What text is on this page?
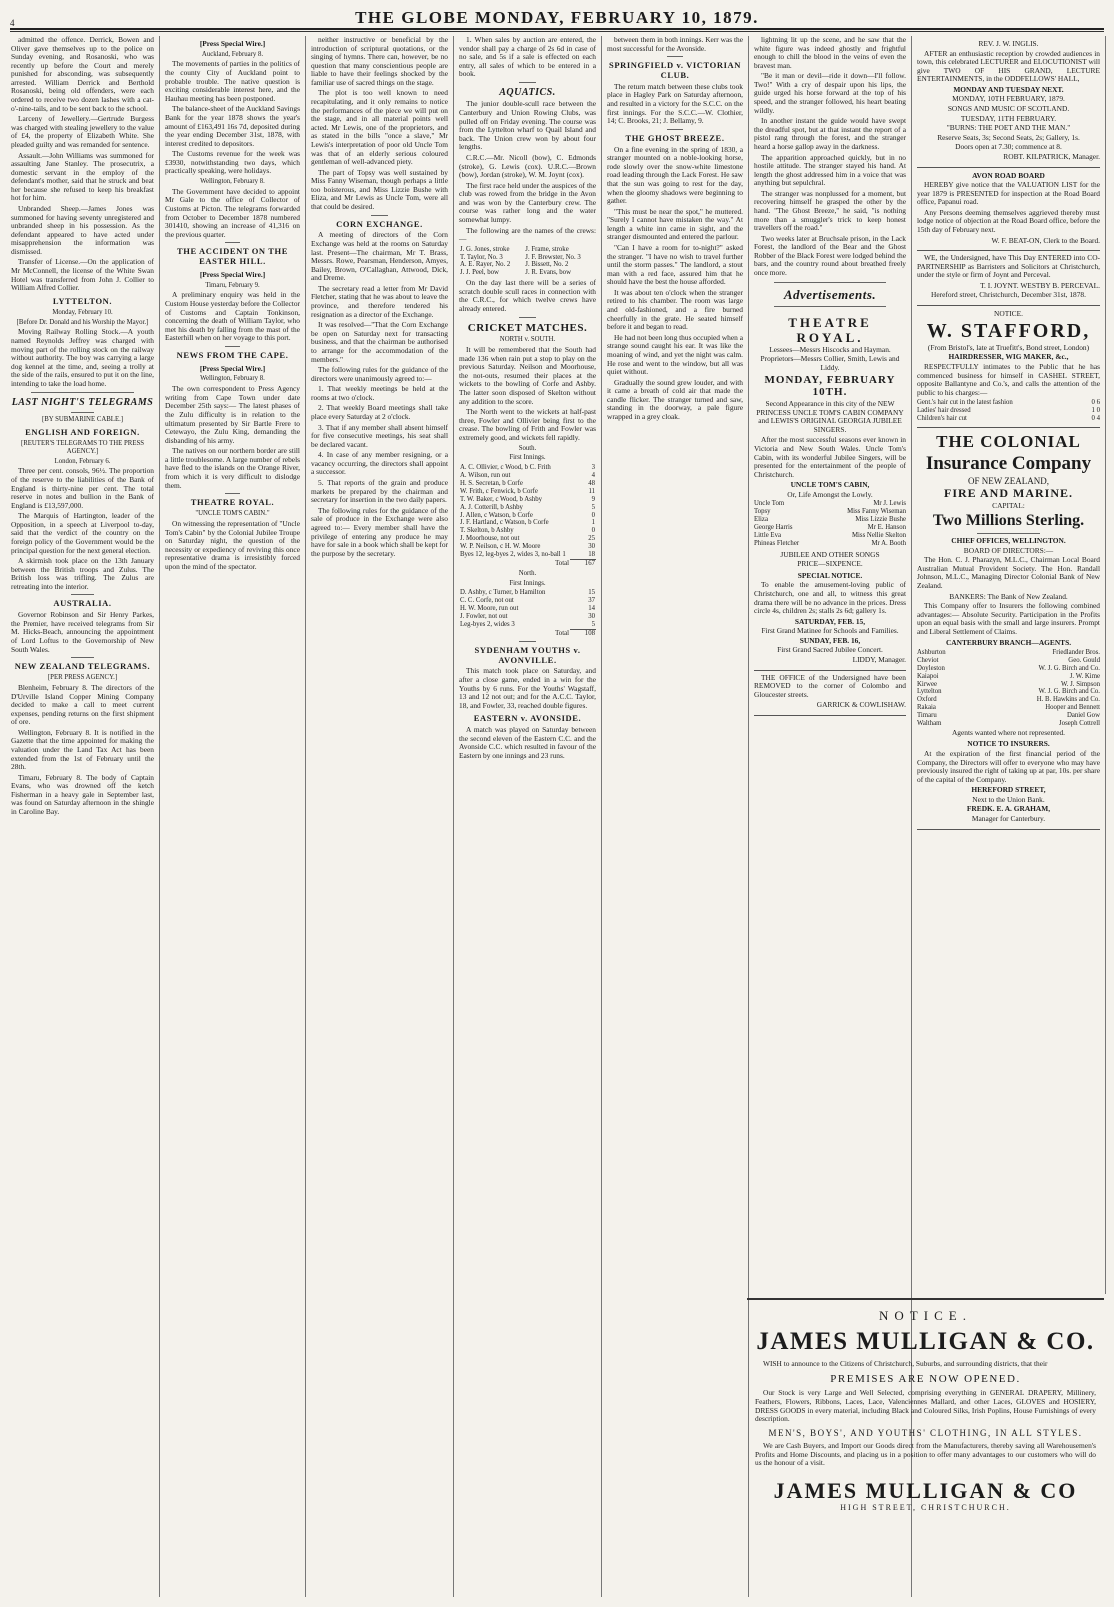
4	THE GLOBE MONDAY, FEBRUARY 10, 1879.

admitted the offence. Derrick, Bowen and Oliver gave themselves up to the police on Sunday evening, and Rosanoski, who was recently up before the Court and merely punished for absconding, was subsequently arrested. William Derrick and Berthold Rosanoski, being old offenders, were each ordered to receive two dozen lashes with a cat-o'-nine-tails, and to be sent back to the school.

Larceny of Jewellery.—Gertrude Burgess was charged with stealing jewellery to the value of £4, the property of Elizabeth White. She pleaded guilty and was remanded for sentence.

Assault.—John Williams was summoned for assaulting Jane Stanley. The prosecutrix, a domestic servant in the employ of the defendant's mother, said that he struck and beat her because she refused to keep his breakfast hot for him.

Unbranded Sheep.—James Jones was summoned for having seventy unregistered and unbranded sheep in his possession. As the defendant appeared to have acted under misapprehension the information was dismissed.

Transfer of License.—On the application of Mr McConnell, the license of the White Swan Hotel was transferred from John J. Collier to William Alfred Collier.

LYTTELTON.
Monday, February 10.
[Before Dr. Donald and his Worship the Mayor.]

Moving Railway Rolling Stock.—A youth named Reynolds Jeffrey was charged with moving part of the rolling stock on the railway without authority. The boy was carrying a large dog kennel at the time, and, seeing a trolly at the side of the rails, ensured to put it on the line, intending to take the load home.

LAST NIGHT'S TELEGRAMS
[BY SUBMARINE CABLE.]
ENGLISH AND FOREIGN.
[REUTER'S TELEGRAMS TO THE PRESS AGENCY.]
London, February 6.

Three per cent. consols, 96½. The proportion of the reserve to the liabilities of the Bank of England is thirty-nine per cent. The total reserve in notes and bullion in the Bank of England is £13,597,000.

The Marquis of Hartington, leader of the Opposition, in a speech at Liverpool to-day, said that the verdict of the country on the foreign policy of the Government would be the principal question for the next general election.

A skirmish took place on the 13th January between the British troops and Zulus. The British loss was trifling. The Zulus are retreating into the interior.

AUSTRALIA.

Governor Robinson and Sir Henry Parkes, the Premier, have received telegrams from Sir M. Hicks-Beach, announcing the appointment of Lord Loftus to the Governorship of New South Wales.

NEW ZEALAND TELEGRAMS.
[PER PRESS AGENCY.]

Blenheim, February 8. The directors of the D'Urville Island Copper Mining Company decided to make a call to meet current expenses, pending returns on the first shipment of ore.

Wellington, February 8. It is notified in the Gazette that the time appointed for making the valuation under the Land Tax Act has been extended from the 1st of February until the 28th.

Timaru, February 8. The body of Captain Evans, who was drowned off the ketch Fisherman in a heavy gale in September last, was found on Saturday afternoon in the shingle in Caroline Bay.

[Press Special Wire.]
Auckland, February 8.

The movements of parties in the politics of the county City of Auckland point to probable trouble. The native question is exciting considerable interest here, and the Hauhau meeting has been postponed.

The balance-sheet of the Auckland Savings Bank for the year 1878 shows the year's amount of £163,491 16s 7d, deposited during the year ending December 31st, 1878, with interest credited to depositors.

The Customs revenue for the week was £3930, notwithstanding two days, which practically speaking, were holidays.

Wellington, February 8.

The Government have decided to appoint Mr Gale to the office of Collector of Customs at Picton. The telegrams forwarded from October to December 1878 numbered 301410, showing an increase of 41,316 on the previous quarter.

THE ACCIDENT ON THE EASTER HILL.
[Press Special Wire.]
Timaru, February 9.

A preliminary enquiry was held in the Custom House yesterday before the Collector of Customs and Captain Tonkinson, concerning the death of William Taylor, who met his death by falling from the mast of the Easterhill when on her voyage to this port.

NEWS FROM THE CAPE.
[Press Special Wire.]
Wellington, February 8.

The own correspondent to Press Agency writing from Cape Town under date December 25th says:— The latest phases of the Zulu difficulty is in relation to the ultimatum presented by Sir Bartle Frere to Cetewayo, the Zulu King, demanding the disbanding of his army.

The natives on our northern border are still a little troublesome. A large number of rebels have fled to the islands on the Orange River, from which it is very difficult to dislodge them.

THEATRE ROYAL.
"UNCLE TOM'S CABIN."

On witnessing the representation of "Uncle Tom's Cabin" by the Colonial Jubilee Troupe on Saturday night, the question of the necessity or expediency of reviving this once representative drama is irresistibly forced upon the mind of the spectator.

neither instructive or beneficial by the introduction of scriptural quotations, or the singing of hymns. There can, however, be no question that many conscientious people are liable to have their feelings shocked by the familiar use of sacred things on the stage.

The plot is too well known to need recapitulating, and it only remains to notice the performances of the piece we will put on the stage, and in all material points well acted. Mr Lewis, one of the proprietors, and as stated in the bills "once a slave," Mr Lewis's interpretation of poor old Uncle Tom was that of an elderly serious coloured gentleman of well-advanced piety.

The part of Topsy was well sustained by Miss Fanny Wiseman, though perhaps a little too boisterous, and Miss Lizzie Bushe with Eliza, and Mr Lewis as Uncle Tom, were all that could be desired.

CORN EXCHANGE.

A meeting of directors of the Corn Exchange was held at the rooms on Saturday last. Present—The chairman, Mr T. Brass, Messrs. Rowe, Pearsman, Henderson, Amyes, Bailey, Brown, O'Callaghan, Attwood, Dick, and Dreme.

The secretary read a letter from Mr David Fletcher, stating that he was about to leave the province, and therefore tendered his resignation as a director of the Exchange.

It was resolved—"That the Corn Exchange be open on Saturday next for transacting business, and that the chairman be authorised to arrange for the accommodation of the members."

The following rules for the guidance of the directors were unanimously agreed to:—

1. That weekly meetings be held at the rooms at two o'clock.

2. That weekly Board meetings shall take place every Saturday at 2 o'clock.

3. That if any member shall absent himself for five consecutive meetings, his seat shall be declared vacant.

4. In case of any member resigning, or a vacancy occurring, the directors shall appoint a successor.

5. That reports of the grain and produce markets be prepared by the chairman and secretary for insertion in the two daily papers.

The following rules for the guidance of the sale of produce in the Exchange were also agreed to:— Every member shall have the privilege of entering any produce he may have for sale in a book which shall be kept for the purpose by the secretary.

1. When sales by auction are entered, the vendor shall pay a charge of 2s 6d in case of no sale, and 5s if a sale is effected on each entry, all sales of which to be entered in a book.

AQUATICS.

The junior double-scull race between the Canterbury and Union Rowing Clubs, was pulled off on Friday evening. The course was from the Lyttelton wharf to Quail Island and back. The Union crew won by about four lengths.

C.R.C.—Mr. Nicoll (bow), C. Edmonds (stroke), G. Lewis (cox). U.R.C.—Brown (bow), Jordan (stroke), W. M. Joynt (cox).

The first race held under the auspices of the club was rowed from the bridge in the Avon and was won by the Canterbury crew. The course was rather long and the water somewhat lumpy.

The following are the names of the crews:—

J. G. Jones, stroke	J. Frame, stroke
T. Taylor, No. 3	J. F. Brewster, No. 3
A. E. Rayer, No. 2	J. Bissett, No. 2
J. J. Peel, bow	J. R. Evans, bow

On the day last there will be a series of scratch double scull races in connection with the C.R.C., for which twelve crews have already entered.

CRICKET MATCHES.
NORTH v. SOUTH.

It will be remembered that the South had made 136 when rain put a stop to play on the previous Saturday. Neilson and Moorhouse, the not-outs, resumed their places at the wickets to the bowling of Corfe and Ashby. The latter soon disposed of Skelton without any addition to the score.

The North went to the wickets at half-past three, Fowler and Ollivier being first to the crease. The bowling of Frith and Fowler was extremely good, and wickets fell rapidly.

South.
First Innings.
A. C. Ollivier, c Wood, b C. Frith	3
A. Wilson, run out	4
H. S. Secretan, b Corfe	48
W. Frith, c Fenwick, b Corfe	11
T. W. Baker, c Wood, b Ashby	9
A. J. Cotterill, b Ashby	5
J. Allen, c Watson, b Corfe	0
J. F. Hartland, c Watson, b Corfe	1
T. Skelton, b Ashby	0
J. Moorhouse, not out	25
W. P. Neilson, c H. W. Moore	30
Byes 12, leg-byes 2, wides 3, no-ball 1	18
Total	167
North.
First Innings.
D. Ashby, c Turner, b Hamilton	15
C. C. Corfe, not out	37
H. W. Moore, run out	14
J. Fowler, not out	30
Leg-byes 2, wides 3	5
Total	108
SYDENHAM YOUTHS v. AVONVILLE.

This match took place on Saturday, and after a close game, ended in a win for the Youths by 6 runs. For the Youths' Wagstaff, 13 and 12 not out; and for the A.C.C. Taylor, 18, and Fowler, 33, reached double figures.

EASTERN v. AVONSIDE.

A match was played on Saturday between the second eleven of the Eastern C.C. and the Avonside C.C. which resulted in favour of the Eastern by one innings and 23 runs.

between them in both innings. Kerr was the most successful for the Avonside.

SPRINGFIELD v. VICTORIAN CLUB.

The return match between these clubs took place in Hagley Park on Saturday afternoon, and resulted in a victory for the S.C.C. on the first innings. For the S.C.C.—W. Clothier, 14; C. Brooks, 21; J. Bellamy, 9.

THE GHOST BREEZE.

On a fine evening in the spring of 1830, a stranger mounted on a noble-looking horse, rode slowly over the snow-white limestone road leading through the Lack Forest. He saw that the sun was going to rest for the day, when the gloomy shadows were beginning to gather.

"This must be near the spot," he muttered. "Surely I cannot have mistaken the way." At length a white inn came in sight, and the stranger dismounted and entered the parlour.

"Can I have a room for to-night?" asked the stranger. "I have no wish to travel further until the storm passes." The landlord, a stout man with a red face, assured him that he should have the best the house afforded.

It was about ten o'clock when the stranger retired to his chamber. The room was large and old-fashioned, and a fire burned cheerfully in the grate. He seated himself before it and began to read.

He had not been long thus occupied when a strange sound caught his ear. It was like the moaning of wind, and yet the night was calm. He rose and went to the window, but all was quiet without.

Gradually the sound grew louder, and with it came a breath of cold air that made the candle flicker. The stranger turned and saw, standing in the doorway, a pale figure wrapped in a grey cloak.

lightning lit up the scene, and he saw that the white figure was indeed ghostly and frightful enough to chill the blood in the veins of even the bravest man.

"Be it man or devil—ride it down—I'll follow. Two!" With a cry of despair upon his lips, the guide urged his horse forward at the top of his speed, and the stranger followed, his heart beating wildly.

In another instant the guide would have swept the dreadful spot, but at that instant the report of a pistol rang through the forest, and the stranger heard a horse gallop away in the darkness.

The apparition approached quickly, but in no hostile attitude. The stranger stayed his hand. At length the ghost addressed him in a voice that was anything but sepulchral.

The stranger was nonplussed for a moment, but recovering himself he grasped the other by the hand. "The Ghost Breeze," he said, "is nothing more than a smuggler's trick to keep honest travellers off the road."

Two weeks later at Bruchsale prison, in the Lack Forest, the landlord of the Bear and the Ghost Robber of the Black Forest were lodged behind the bars, and the country round about breathed freely once more.

Advertisements.
THEATRE ROYAL.
Lessees—Messrs Hiscocks and Hayman.
Proprietors—Messrs Collier, Smith, Lewis and Liddy.
MONDAY, FEBRUARY 10TH.

Second Appearance in this city of the NEW PRINCESS UNCLE TOM'S CABIN COMPANY and LEWIS'S ORIGINAL GEORGIA JUBILEE SINGERS.

After the most successful seasons ever known in Victoria and New South Wales. Uncle Tom's Cabin, with its wonderful Jubilee Singers, will be presented for the entertainment of the people of Christchurch.

UNCLE TOM'S CABIN,
Or, Life Amongst the Lowly.
Uncle Tom	Mr J. Lewis
Topsy	Miss Fanny Wiseman
Eliza	Miss Lizzie Bushe
George Harris	Mr E. Hanson
Little Eva	Miss Nellie Skelton
Phineas Fletcher	Mr A. Booth
JUBILEE AND OTHER SONGS
PRICE—SIXPENCE.
SPECIAL NOTICE.

To enable the amusement-loving public of Christchurch, one and all, to witness this great drama there will be no advance in the prices. Dress circle 4s, children 2s; stalls 2s 6d; gallery 1s.

SATURDAY, FEB. 15,
First Grand Matinee for Schools and Families.
SUNDAY, FEB. 16,
First Grand Sacred Jubilee Concert.
LIDDY, Manager.

THE OFFICE of the Undersigned have been REMOVED to the corner of Colombo and Gloucester streets.

GARRICK & COWLISHAW.
REV. J. W. INGLIS.

AFTER an enthusiastic reception by crowded audiences in town, this celebrated LECTURER and ELOCUTIONIST will give TWO OF HIS GRAND, LECTURE ENTERTAINMENTS, in the ODDFELLOWS' HALL,

MONDAY AND TUESDAY NEXT.
MONDAY, 10TH FEBRUARY, 1879.
SONGS AND MUSIC OF SCOTLAND.
TUESDAY, 11TH FEBRUARY.
"BURNS: THE POET AND THE MAN."
Reserve Seats, 3s; Second Seats, 2s; Gallery, 1s.
Doors open at 7.30; commence at 8.
ROBT. KILPATRICK, Manager.
AVON ROAD BOARD

HEREBY give notice that the VALUATION LIST for the year 1879 is PRESENTED for inspection at the Road Board office, Papanui road.

Any Persons deeming themselves aggrieved thereby must lodge notice of objection at the Road Board office, before the 15th day of February next.

W. F. BEAT-ON, Clerk to the Board.

WE, the Undersigned, have This Day ENTERED into CO-PARTNERSHIP as Barristers and Solicitors at Christchurch, under the style or firm of Joynt and Perceval.

T. I. JOYNT. WESTBY B. PERCEVAL.
Hereford street, Christchurch, December 31st, 1878.
NOTICE.
W. STAFFORD,
(From Bristol's, late at Truefitt's, Bond street, London)
HAIRDRESSER, WIG MAKER, &c.,

RESPECTFULLY intimates to the Public that he has commenced business for himself in CASHEL STREET, opposite Ballantyne and Co.'s, and calls the attention of the public to his charges:—

Gent.'s hair cut in the latest fashion	0 6
Ladies' hair dressed	1 0
Children's hair cut	0 4
THE COLONIAL
Insurance Company
OF NEW ZEALAND,
FIRE AND MARINE.
CAPITAL:
Two Millions Sterling.
CHIEF OFFICES, WELLINGTON.
BOARD OF DIRECTORS:—

The Hon. C. J. Pharazyn, M.L.C., Chairman Local Board Australian Mutual Provident Society. The Hon. Randall Johnson, M.L.C., Managing Director Colonial Bank of New Zealand.

BANKERS: The Bank of New Zealand.

This Company offer to Insurers the following combined advantages:— Absolute Security. Participation in the Profits upon an equal basis with the small and large insurers. Prompt and Liberal Settlement of Claims.

CANTERBURY BRANCH—AGENTS.
Ashburton	Friedlander Bros.
Cheviot	Geo. Gould
Doyleston	W. J. G. Birch and Co.
Kaiapoi	J. W. Kime
Kirwee	W. J. Simpson
Lyttelton	W. J. G. Birch and Co.
Oxford	H. B. Hawkins and Co.
Rakaia	Hooper and Bennett
Timaru	Daniel Gow
Waltham	Joseph Cottrell
Agents wanted where not represented.
NOTICE TO INSURERS.

At the expiration of the first financial period of the Company, the Directors will offer to everyone who may have previously insured the right of taking up at par, 10s. per share of the capital of the Company.

HEREFORD STREET,
Next to the Union Bank.
FREDK. E. A. GRAHAM,
Manager for Canterbury.
NOTICE.
JAMES MULLIGAN & CO.

WISH to announce to the Citizens of Christchurch, Suburbs, and surrounding districts, that their

PREMISES ARE NOW OPENED.

Our Stock is very Large and Well Selected, comprising everything in GENERAL DRAPERY, Millinery, Feathers, Flowers, Ribbons, Laces, Lace, Valenciennes Mallard, and other Laces, GLOVES and HOSIERY, DRESS GOODS in every material, including Black and Coloured Silks, Irish Poplins, House Furnishings of every description.

MEN'S, BOYS', AND YOUTHS' CLOTHING, IN ALL STYLES.

We are Cash Buyers, and Import our Goods direct from the Manufacturers, thereby saving all Warehousemen's Profits and Home Discounts, and placing us in a position to offer many advantages to our customers who will do us the honour of a visit.

JAMES MULLIGAN & CO
HIGH STREET, CHRISTCHURCH.
